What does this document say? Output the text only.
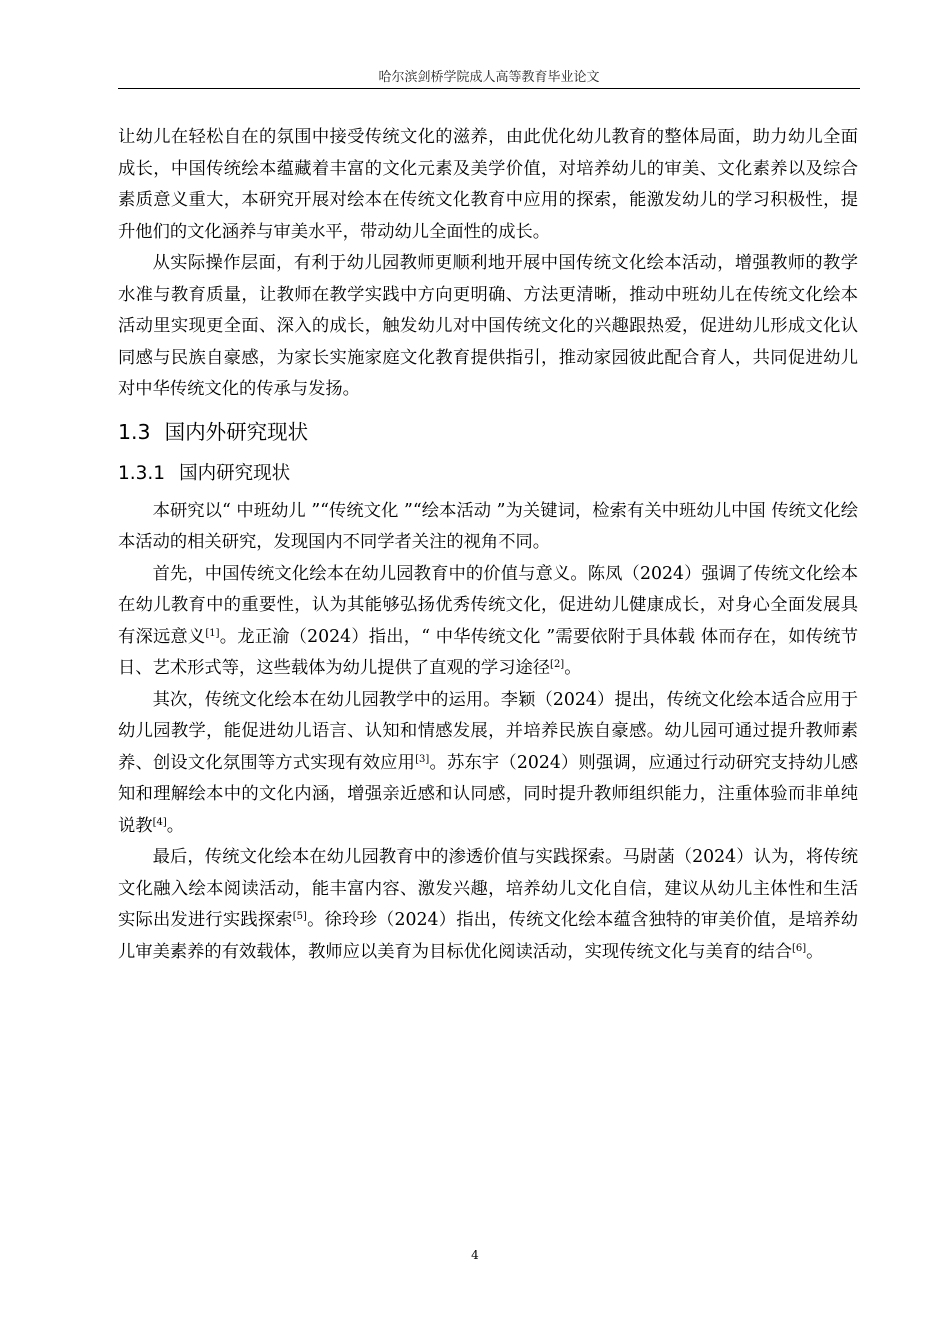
哈尔滨剑桥学院成人高等教育毕业论文

让幼儿在轻松自在的氛围中接受传统文化的滋养，由此优化幼儿教育的整体局面，助力幼儿全面成长，中国传统绘本蕴藏着丰富的文化元素及美学价值，对培养幼儿的审美、文化素养以及综合素质意义重大，本研究开展对绘本在传统文化教育中应用的探索，能激发幼儿的学习积极性，提升他们的文化涵养与审美水平，带动幼儿全面性的成长。

从实际操作层面，有利于幼儿园教师更顺利地开展中国传统文化绘本活动，增强教师的教学水准与教育质量，让教师在教学实践中方向更明确、方法更清晰，推动中班幼儿在传统文化绘本活动里实现更全面、深入的成长，触发幼儿对中国传统文化的兴趣跟热爱，促进幼儿形成文化认同感与民族自豪感，为家长实施家庭文化教育提供指引，推动家园彼此配合育人，共同促进幼儿对中华传统文化的传承与发扬。

1.3 国内外研究现状
1.3.1 国内研究现状

本研究以“ 中班幼儿 ”“传统文化 ”“绘本活动 ”为关键词，检索有关中班幼儿中国 传统文化绘本活动的相关研究，发现国内不同学者关注的视角不同。

首先，中国传统文化绘本在幼儿园教育中的价值与意义。陈凤（2024）强调了传统文化绘本在幼儿教育中的重要性，认为其能够弘扬优秀传统文化，促进幼儿健康成长，对身心全面发展具有深远意义[1]。龙正渝（2024）指出，“ 中华传统文化 ”需要依附于具体载 体而存在，如传统节日、艺术形式等，这些载体为幼儿提供了直观的学习途径[2]。

其次，传统文化绘本在幼儿园教学中的运用。李颖（2024）提出，传统文化绘本适合应用于幼儿园教学，能促进幼儿语言、认知和情感发展，并培养民族自豪感。幼儿园可通过提升教师素养、创设文化氛围等方式实现有效应用[3]。苏东宇（2024）则强调，应通过行动研究支持幼儿感知和理解绘本中的文化内涵，增强亲近感和认同感，同时提升教师组织能力，注重体验而非单纯说教[4]。

最后，传统文化绘本在幼儿园教育中的渗透价值与实践探索。马尉菡（2024）认为，将传统文化融入绘本阅读活动，能丰富内容、激发兴趣，培养幼儿文化自信，建议从幼儿主体性和生活实际出发进行实践探索[5]。徐玲珍（2024）指出，传统文化绘本蕴含独特的审美价值，是培养幼儿审美素养的有效载体，教师应以美育为目标优化阅读活动，实现传统文化与美育的结合[6]。

4
